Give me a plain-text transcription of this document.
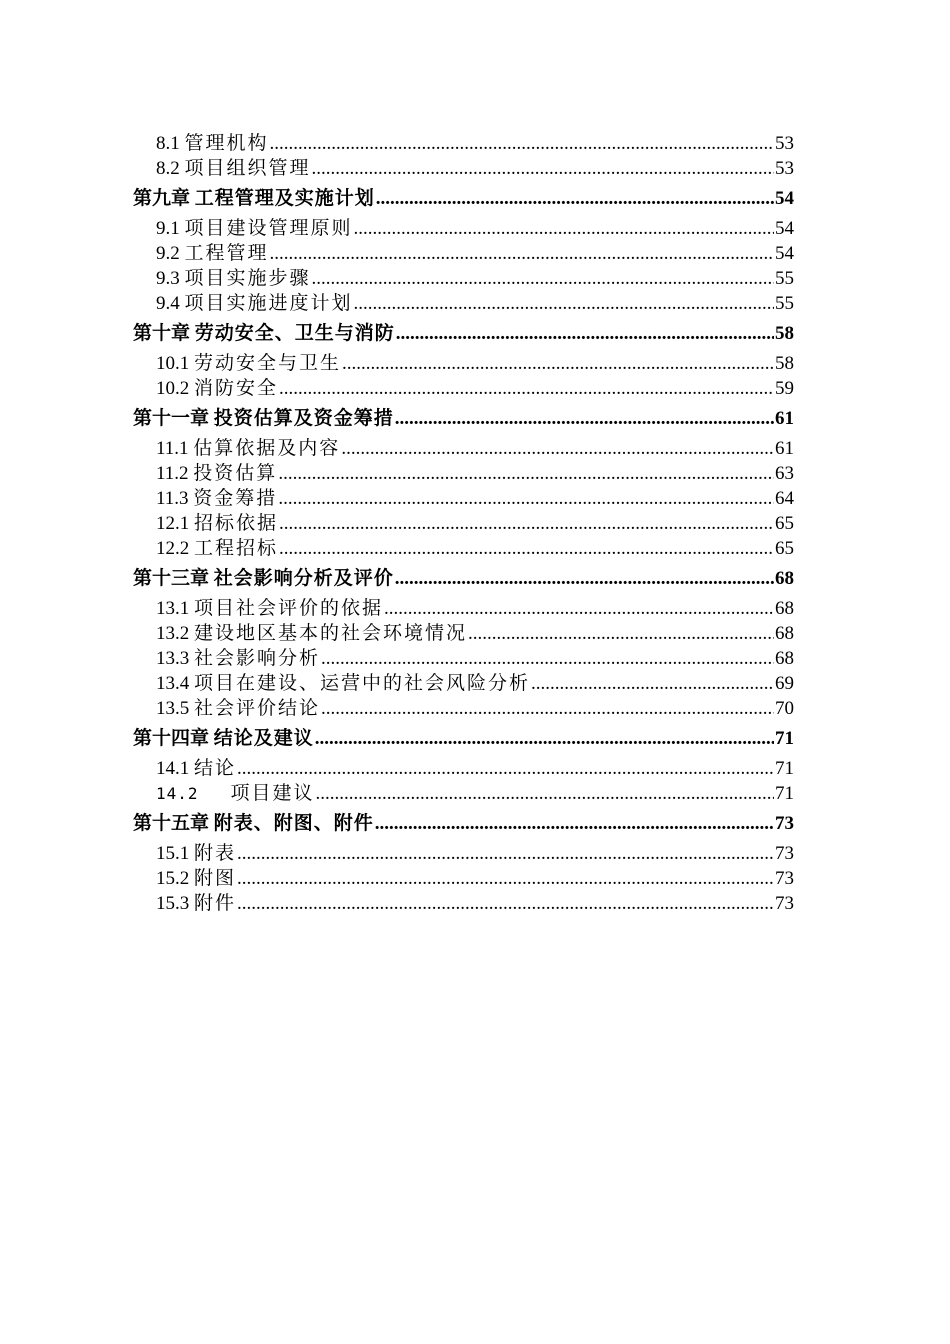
8.1 管理机构 .....	53
8.2 项目组织管理 .....	53
第九章 工程管理及实施计划 .....	54
9.1 项目建设管理原则 .....	54
9.2 工程管理 .....	54
9.3 项目实施步骤 .....	55
9.4 项目实施进度计划 .....	55
第十章 劳动安全、卫生与消防 .....	58
10.1 劳动安全与卫生 .....	58
10.2 消防安全 .....	59
第十一章 投资估算及资金筹措 .....	61
11.1 估算依据及内容 .....	61
11.2 投资估算 .....	63
11.3 资金筹措 .....	64
12.1 招标依据 .....	65
12.2 工程招标 .....	65
第十三章 社会影响分析及评价 .....	68
13.1 项目社会评价的依据 .....	68
13.2 建设地区基本的社会环境情况 .....	68
13.3 社会影响分析 .....	68
13.4 项目在建设、运营中的社会风险分析 .....	69
13.5 社会评价结论 .....	70
第十四章 结论及建议 .....	71
14.1 结论 .....	71
14.2	项目建议 .....	71
第十五章 附表、附图、附件 .....	73
15.1 附表 .....	73
15.2 附图 .....	73
15.3 附件 .....	73
